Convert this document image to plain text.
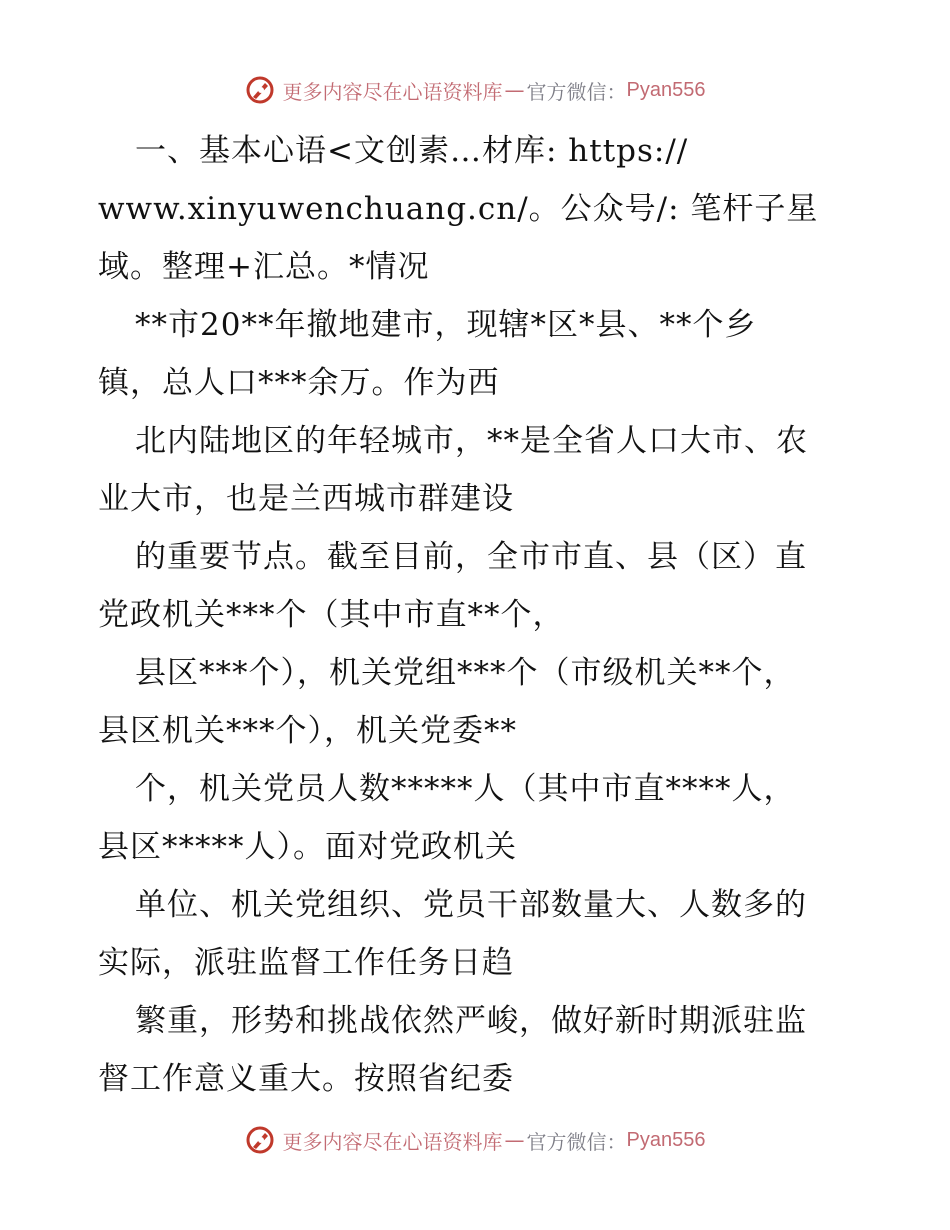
更多内容尽在心语资料库 — 官方微信： Pyan556
一、基本心语<文创素…材库: https://
www.xinyuwenchuang.cn/。公众号/: 笔杆子星
域。整理+汇总。*情况
**市20**年撤地建市，现辖*区*县、**个乡
镇，总人口***余万。作为西
北内陆地区的年轻城市，**是全省人口大市、农
业大市，也是兰西城市群建设
的重要节点。截至目前，全市市直、县（区）直
党政机关***个（其中市直**个，
县区***个），机关党组***个（市级机关**个，
县区机关***个），机关党委**
个，机关党员人数*****人（其中市直****人，
县区*****人）。面对党政机关
单位、机关党组织、党员干部数量大、人数多的
实际，派驻监督工作任务日趋
繁重，形势和挑战依然严峻，做好新时期派驻监
督工作意义重大。按照省纪委
更多内容尽在心语资料库 — 官方微信： Pyan556
